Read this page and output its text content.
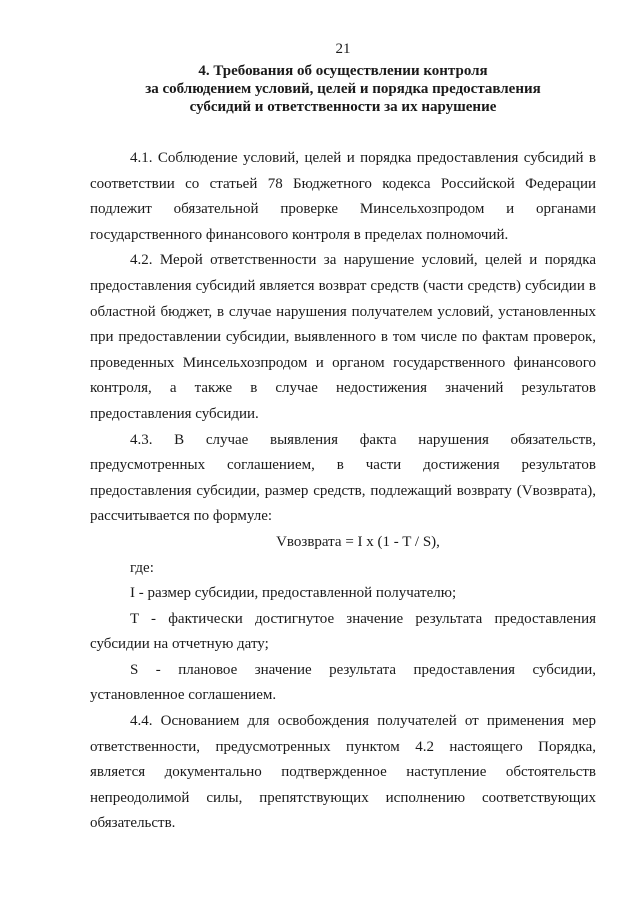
21
4. Требования об осуществлении контроля
за соблюдением условий, целей и порядка предоставления
субсидий и ответственности за их нарушение

4.1. Соблюдение условий, целей и порядка предоставления субсидий в соответствии со статьей 78 Бюджетного кодекса Российской Федерации подлежит обязательной проверке Минсельхозпродом и органами государственного финансового контроля в пределах полномочий.

4.2. Мерой ответственности за нарушение условий, целей и порядка предоставления субсидий является возврат средств (части средств) субсидии в областной бюджет, в случае нарушения получателем условий, установленных при предоставлении субсидии, выявленного в том числе по фактам проверок, проведенных Минсельхозпродом и органом государственного финансового контроля, а также в случае недостижения значений результатов предоставления субсидии.

4.3. В случае выявления факта нарушения обязательств, предусмотренных соглашением, в части достижения результатов предоставления субсидии, размер средств, подлежащий возврату (Vвозврата), рассчитывается по формуле:

Vвозврата = I x (1 - T / S),

где:

I - размер субсидии, предоставленной получателю;

T - фактически достигнутое значение результата предоставления субсидии на отчетную дату;

S - плановое значение результата предоставления субсидии, установленное соглашением.

4.4. Основанием для освобождения получателей от применения мер ответственности, предусмотренных пунктом 4.2 настоящего Порядка, является документально подтвержденное наступление обстоятельств непреодолимой силы, препятствующих исполнению соответствующих обязательств.
